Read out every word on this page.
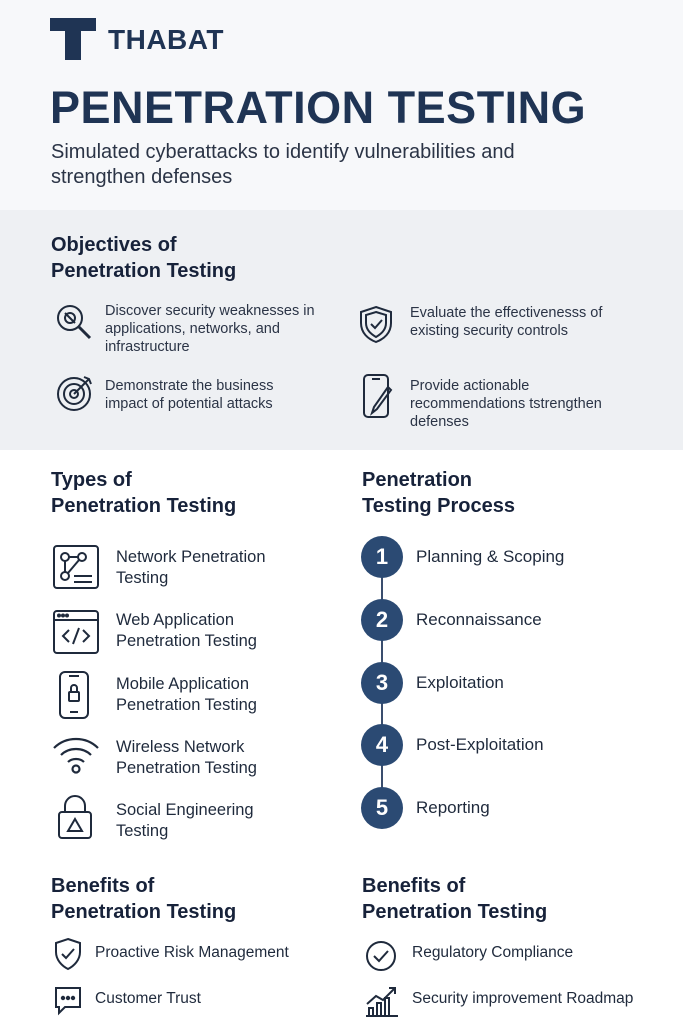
THABAT
PENETRATION TESTING
Simulated cyberattacks to identify vulnerabilities and strengthen defenses
Objectives of
Penetration Testing
Discover security weaknesses in applications, networks, and infrastructure
Evaluate the effectivenesss of existing security controls
Demonstrate the business impact of potential attacks
Provide actionable recommendations tstrengthen defenses
Types of
Penetration Testing
Penetration
Testing Process
Network Penetration
Testing
Web Application
Penetration Testing
Mobile Application
Penetration Testing
Wireless Network
Penetration Testing
Social Engineering
Testing
1	Planning & Scoping
2	Reconnaissance
3	Exploitation
4	Post-Exploitation
5	Reporting
Benefits of
Penetration Testing
Proactive Risk Management
Customer Trust
Benefits of
Penetration Testing
Regulatory Compliance
Security improvement Roadmap
